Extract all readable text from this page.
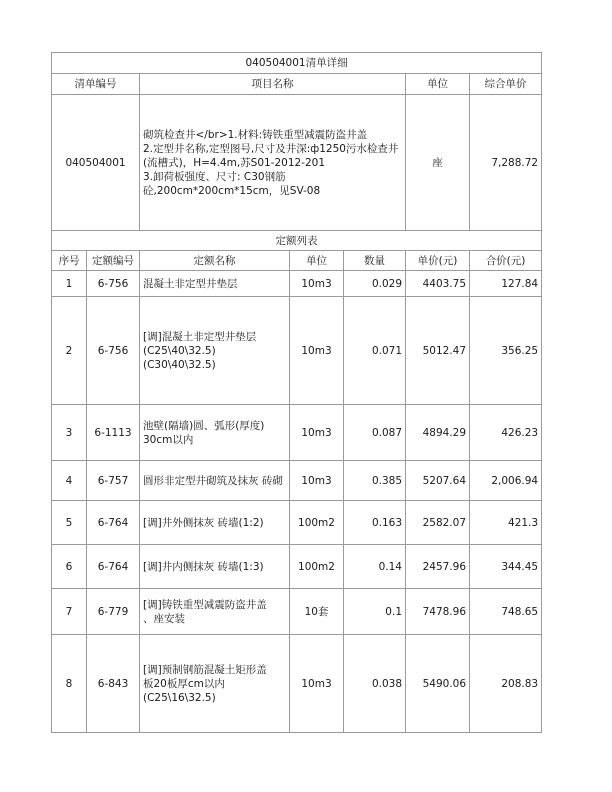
040504001清单详细						
清单编号		项目名称			单位	综合单价
040504001		砌筑检查井</br>1.材料:铸铁重型减震防盗井盖
2.定型井名称,定型图号,尺寸及井深:ф1250污水检查井(流槽式)，H=4.4m,苏S01-2012-201
3.卸荷板强度、尺寸: C30钢筋砼,200cm*200cm*15cm，见SV-08			座	7,288.72
定额列表						
序号	定额编号	定额名称	单位	数量	单价(元)	合价(元)
1	6-756	混凝土非定型井垫层	10m3	0.029	4403.75	127.84
2	6-756	[调]混凝土非定型井垫层
(C25\40\32.5)
(C30\40\32.5)	10m3	0.071	5012.47	356.25
3	6-1113	池壁(隔墙)圆、弧形(厚度)
30cm以内	10m3	0.087	4894.29	426.23
4	6-757	圆形非定型井砌筑及抹灰 砖砌	10m3	0.385	5207.64	2,006.94
5	6-764	[调]井外侧抹灰 砖墙(1:2)	100m2	0.163	2582.07	421.3
6	6-764	[调]井内侧抹灰 砖墙(1:3)	100m2	0.14	2457.96	344.45
7	6-779	[调]铸铁重型减震防盗井盖
、座安装	10套	0.1	7478.96	748.65
8	6-843	[调]预制钢筋混凝土矩形盖
板20板厚cm以内
(C25\16\32.5)	10m3	0.038	5490.06	208.83
